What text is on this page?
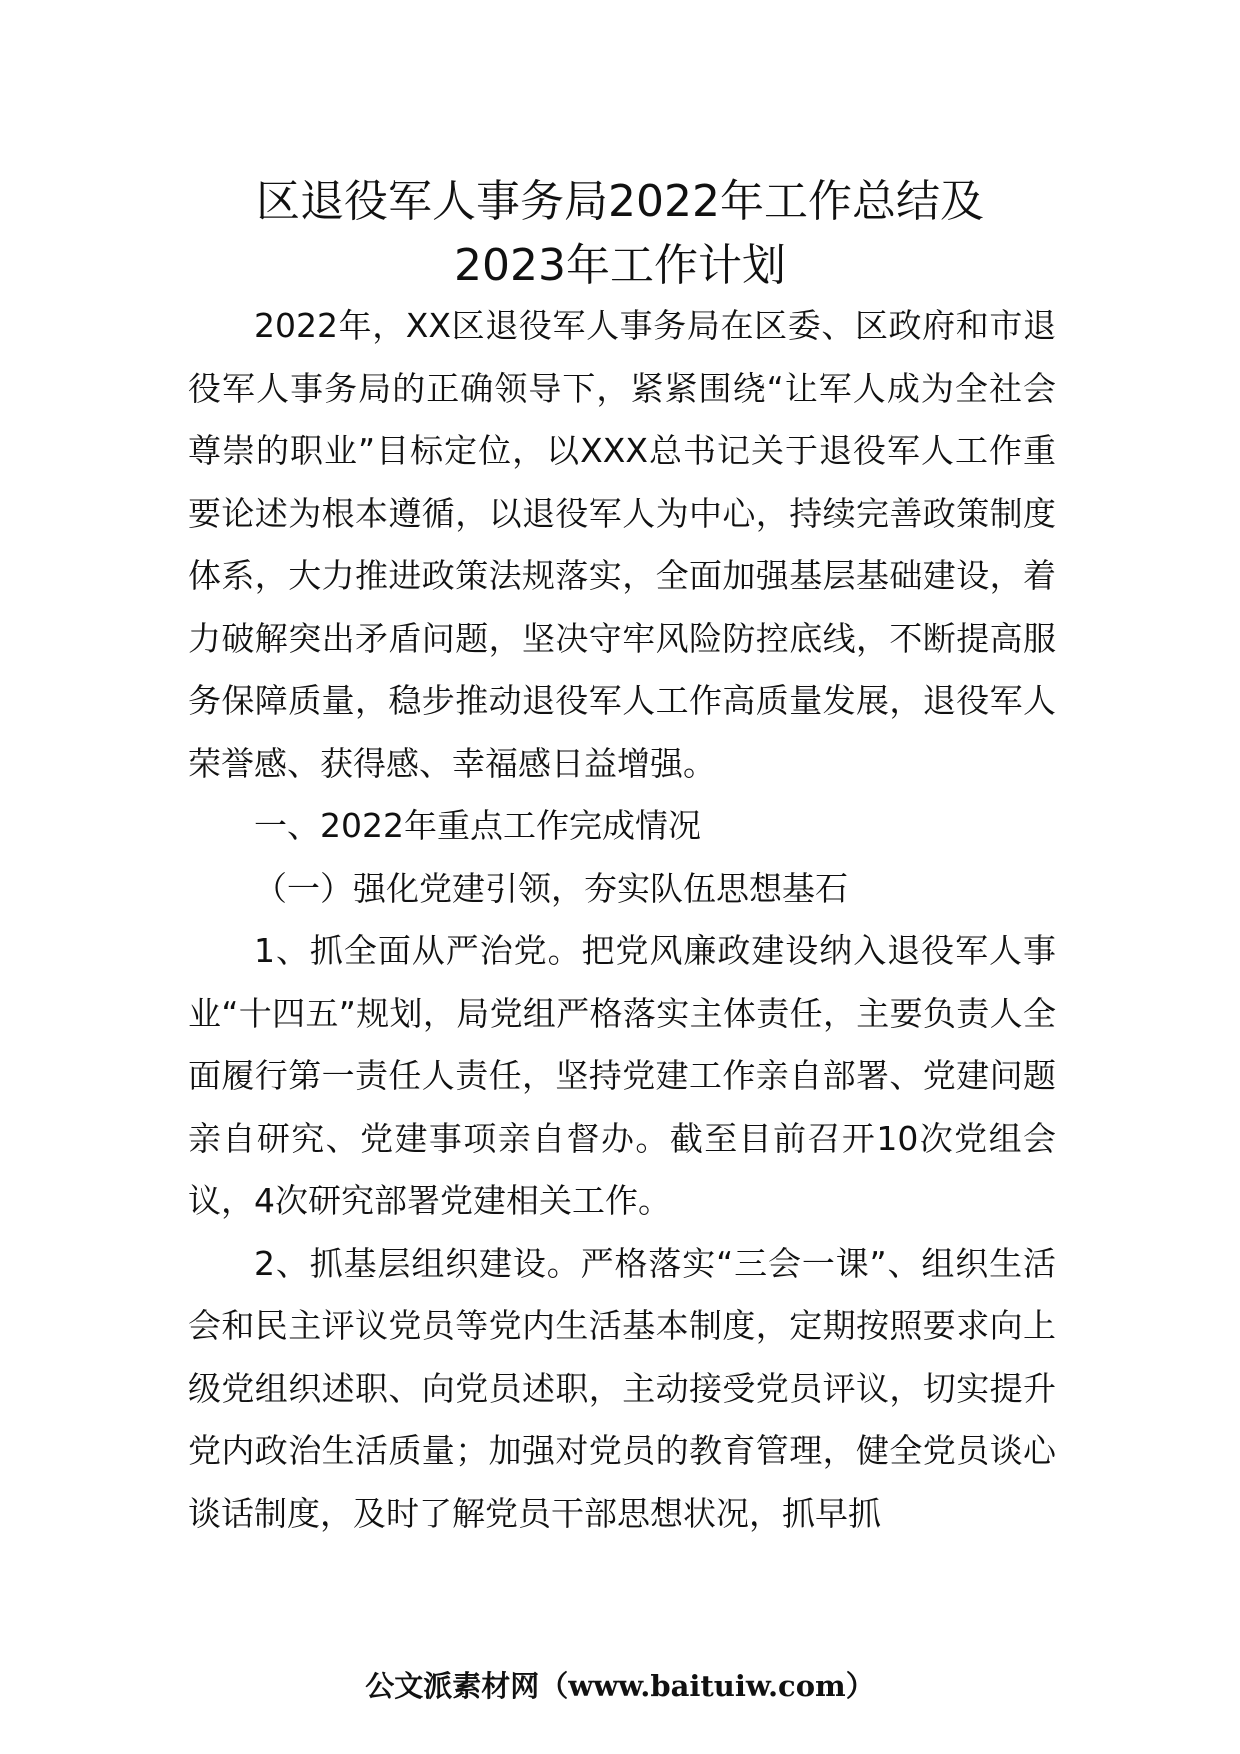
区退役军人事务局2022年工作总结及
2023年工作计划

2022年，XX区退役军人事务局在区委、区政府和市退役军人事务局的正确领导下，紧紧围绕“让军人成为全社会尊崇的职业”目标定位，以XXX总书记关于退役军人工作重要论述为根本遵循，以退役军人为中心，持续完善政策制度体系，大力推进政策法规落实，全面加强基层基础建设，着力破解突出矛盾问题，坚决守牢风险防控底线，不断提高服务保障质量，稳步推动退役军人工作高质量发展，退役军人荣誉感、获得感、幸福感日益增强。

一、2022年重点工作完成情况

（一）强化党建引领，夯实队伍思想基石

1、抓全面从严治党。把党风廉政建设纳入退役军人事业“十四五”规划，局党组严格落实主体责任，主要负责人全面履行第一责任人责任，坚持党建工作亲自部署、党建问题亲自研究、党建事项亲自督办。截至目前召开10次党组会议，4次研究部署党建相关工作。

2、抓基层组织建设。严格落实“三会一课”、组织生活会和民主评议党员等党内生活基本制度，定期按照要求向上级党组织述职、向党员述职，主动接受党员评议，切实提升党内政治生活质量；加强对党员的教育管理，健全党员谈心谈话制度，及时了解党员干部思想状况，抓早抓

公文派素材网（www.baituiw.com）
